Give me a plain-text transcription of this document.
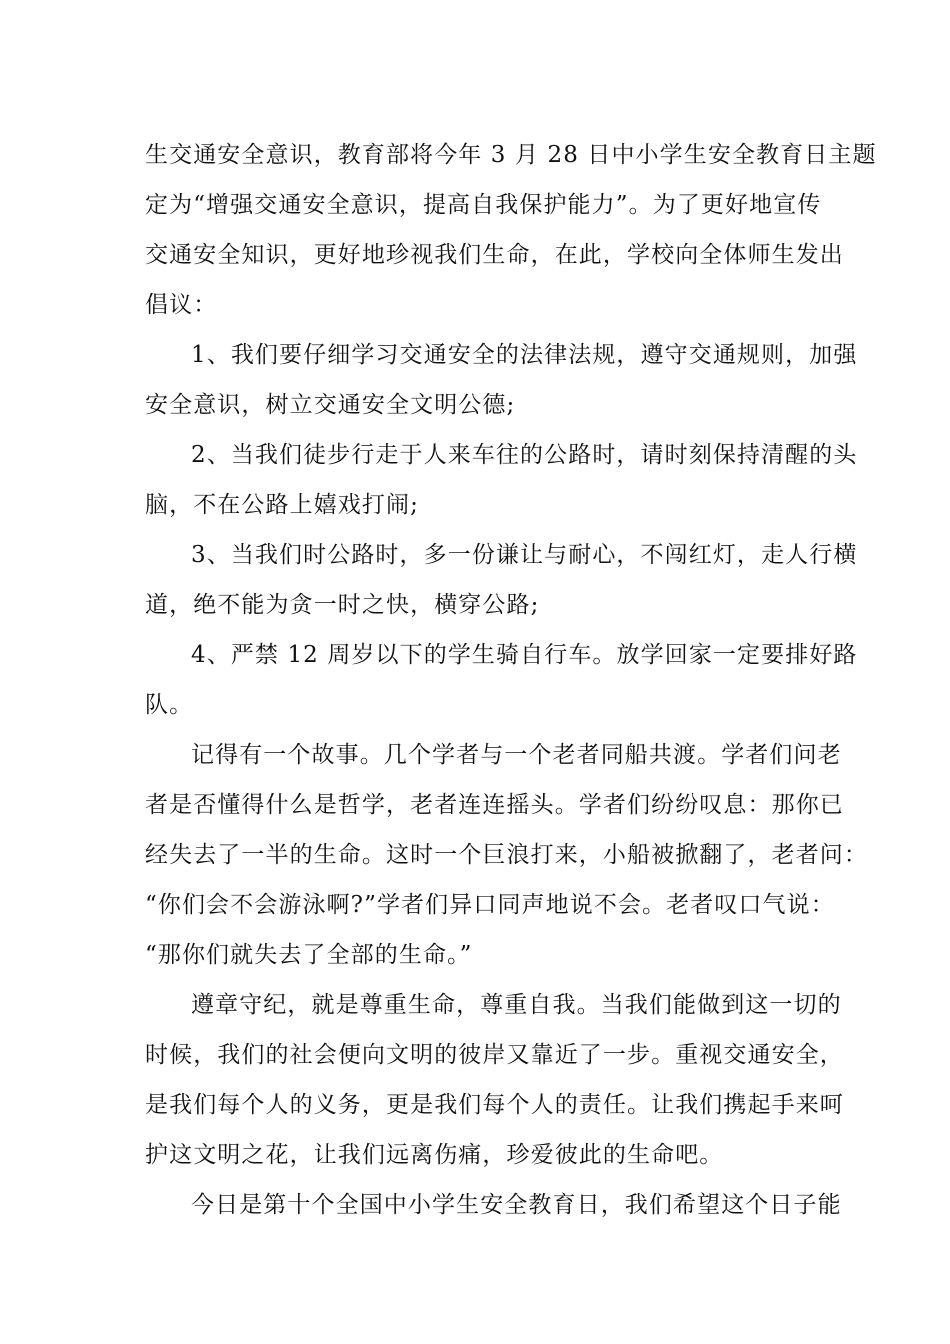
生交通安全意识，教育部将今年 3 月 28 日中小学生安全教育日主题
定为“增强交通安全意识，提高自我保护能力”。为了更好地宣传
交通安全知识，更好地珍视我们生命，在此，学校向全体师生发出
倡议：

1、我们要仔细学习交通安全的法律法规，遵守交通规则，加强
安全意识，树立交通安全文明公德;

2、当我们徒步行走于人来车往的公路时，请时刻保持清醒的头
脑，不在公路上嬉戏打闹;

3、当我们时公路时，多一份谦让与耐心，不闯红灯，走人行横
道，绝不能为贪一时之快，横穿公路;

4、严禁 12 周岁以下的学生骑自行车。放学回家一定要排好路
队。

记得有一个故事。几个学者与一个老者同船共渡。学者们问老
者是否懂得什么是哲学，老者连连摇头。学者们纷纷叹息：那你已
经失去了一半的生命。这时一个巨浪打来，小船被掀翻了，老者问：
“你们会不会游泳啊?”学者们异口同声地说不会。老者叹口气说：
“那你们就失去了全部的生命。”

遵章守纪，就是尊重生命，尊重自我。当我们能做到这一切的
时候，我们的社会便向文明的彼岸又靠近了一步。重视交通安全，
是我们每个人的义务，更是我们每个人的责任。让我们携起手来呵
护这文明之花，让我们远离伤痛，珍爱彼此的生命吧。

今日是第十个全国中小学生安全教育日，我们希望这个日子能
